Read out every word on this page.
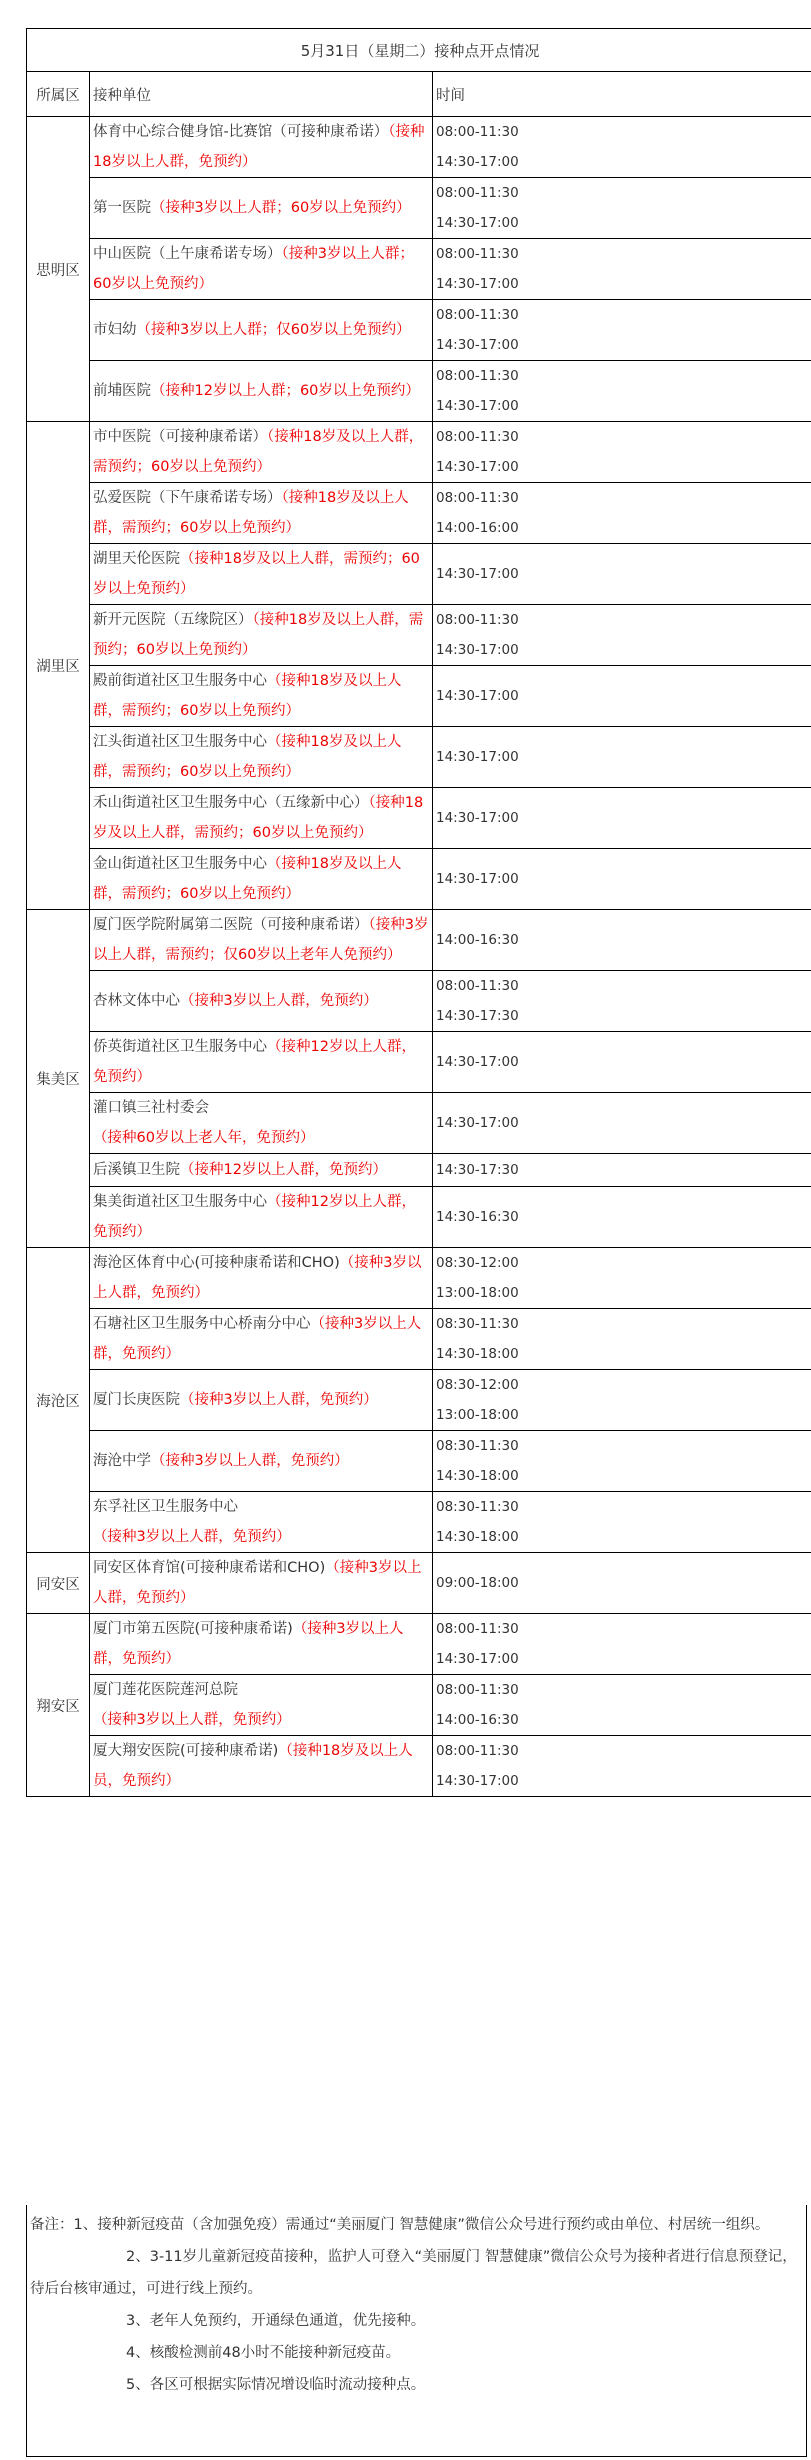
5月31日（星期二）接种点开点情况		
所属区	接种单位	时间
思明区	体育中心综合健身馆-比赛馆（可接种康希诺）（接种18岁以上人群，免预约）	08:00-11:30
14:30-17:00

	第一医院（接种3岁以上人群；60岁以上免预约）	08:00-11:30
14:30-17:00

	中山医院（上午康希诺专场）（接种3岁以上人群；60岁以上免预约）	08:00-11:30
14:30-17:00

	市妇幼（接种3岁以上人群；仅60岁以上免预约）	08:00-11:30
14:30-17:00

	前埔医院（接种12岁以上人群；60岁以上免预约）	08:00-11:30
14:30-17:00

湖里区	市中医院（可接种康希诺）（接种18岁及以上人群，需预约；60岁以上免预约）	08:00-11:30
14:30-17:00

	弘爱医院（下午康希诺专场）（接种18岁及以上人群，需预约；60岁以上免预约）	08:00-11:30
14:00-16:00

	湖里天伦医院（接种18岁及以上人群，需预约；60岁以上免预约）	14:30-17:00

	新开元医院（五缘院区）（接种18岁及以上人群，需预约；60岁以上免预约）	08:00-11:30
14:30-17:00

	殿前街道社区卫生服务中心（接种18岁及以上人群，需预约；60岁以上免预约）	14:30-17:00

	江头街道社区卫生服务中心（接种18岁及以上人群，需预约；60岁以上免预约）	14:30-17:00

	禾山街道社区卫生服务中心（五缘新中心）（接种18岁及以上人群，需预约；60岁以上免预约）	14:30-17:00

	金山街道社区卫生服务中心（接种18岁及以上人群，需预约；60岁以上免预约）	14:30-17:00

集美区	厦门医学院附属第二医院（可接种康希诺）（接种3岁以上人群，需预约；仅60岁以上老年人免预约）	14:00-16:30

	杏林文体中心（接种3岁以上人群，免预约）	08:00-11:30
14:30-17:30

	侨英街道社区卫生服务中心（接种12岁以上人群，免预约）	14:30-17:00

	灌口镇三社村委会（接种60岁以上老人年，免预约）	14:30-17:00

	后溪镇卫生院（接种12岁以上人群，免预约）	14:30-17:30

	集美街道社区卫生服务中心（接种12岁以上人群，免预约）	14:30-16:30

海沧区	海沧区体育中心(可接种康希诺和CHO)（接种3岁以上人群，免预约）	08:30-12:00
13:00-18:00

	石塘社区卫生服务中心桥南分中心（接种3岁以上人群，免预约）	08:30-11:30
14:30-18:00

	厦门长庚医院（接种3岁以上人群，免预约）	08:30-12:00
13:00-18:00

	海沧中学（接种3岁以上人群，免预约）	08:30-11:30
14:30-18:00

	东孚社区卫生服务中心（接种3岁以上人群，免预约）	08:30-11:30
14:30-18:00

同安区	同安区体育馆(可接种康希诺和CHO)（接种3岁以上人群，免预约）	09:00-18:00

翔安区	厦门市第五医院(可接种康希诺)（接种3岁以上人群，免预约）	08:00-11:30
14:30-17:00

	厦门莲花医院莲河总院（接种3岁以上人群，免预约）	08:00-11:30
14:00-16:30

	厦大翔安医院(可接种康希诺)（接种18岁及以上人员，免预约）	08:00-11:30
14:30-17:00

备注：1、接种新冠疫苗（含加强免疫）需通过“美丽厦门 智慧健康”微信公众号进行预约或由单位、村居统一组织。

2、3-11岁儿童新冠疫苗接种，监护人可登入“美丽厦门 智慧健康”微信公众号为接种者进行信息预登记，待后台核审通过，可进行线上预约。

3、老年人免预约，开通绿色通道，优先接种。

4、核酸检测前48小时不能接种新冠疫苗。

5、各区可根据实际情况增设临时流动接种点。
